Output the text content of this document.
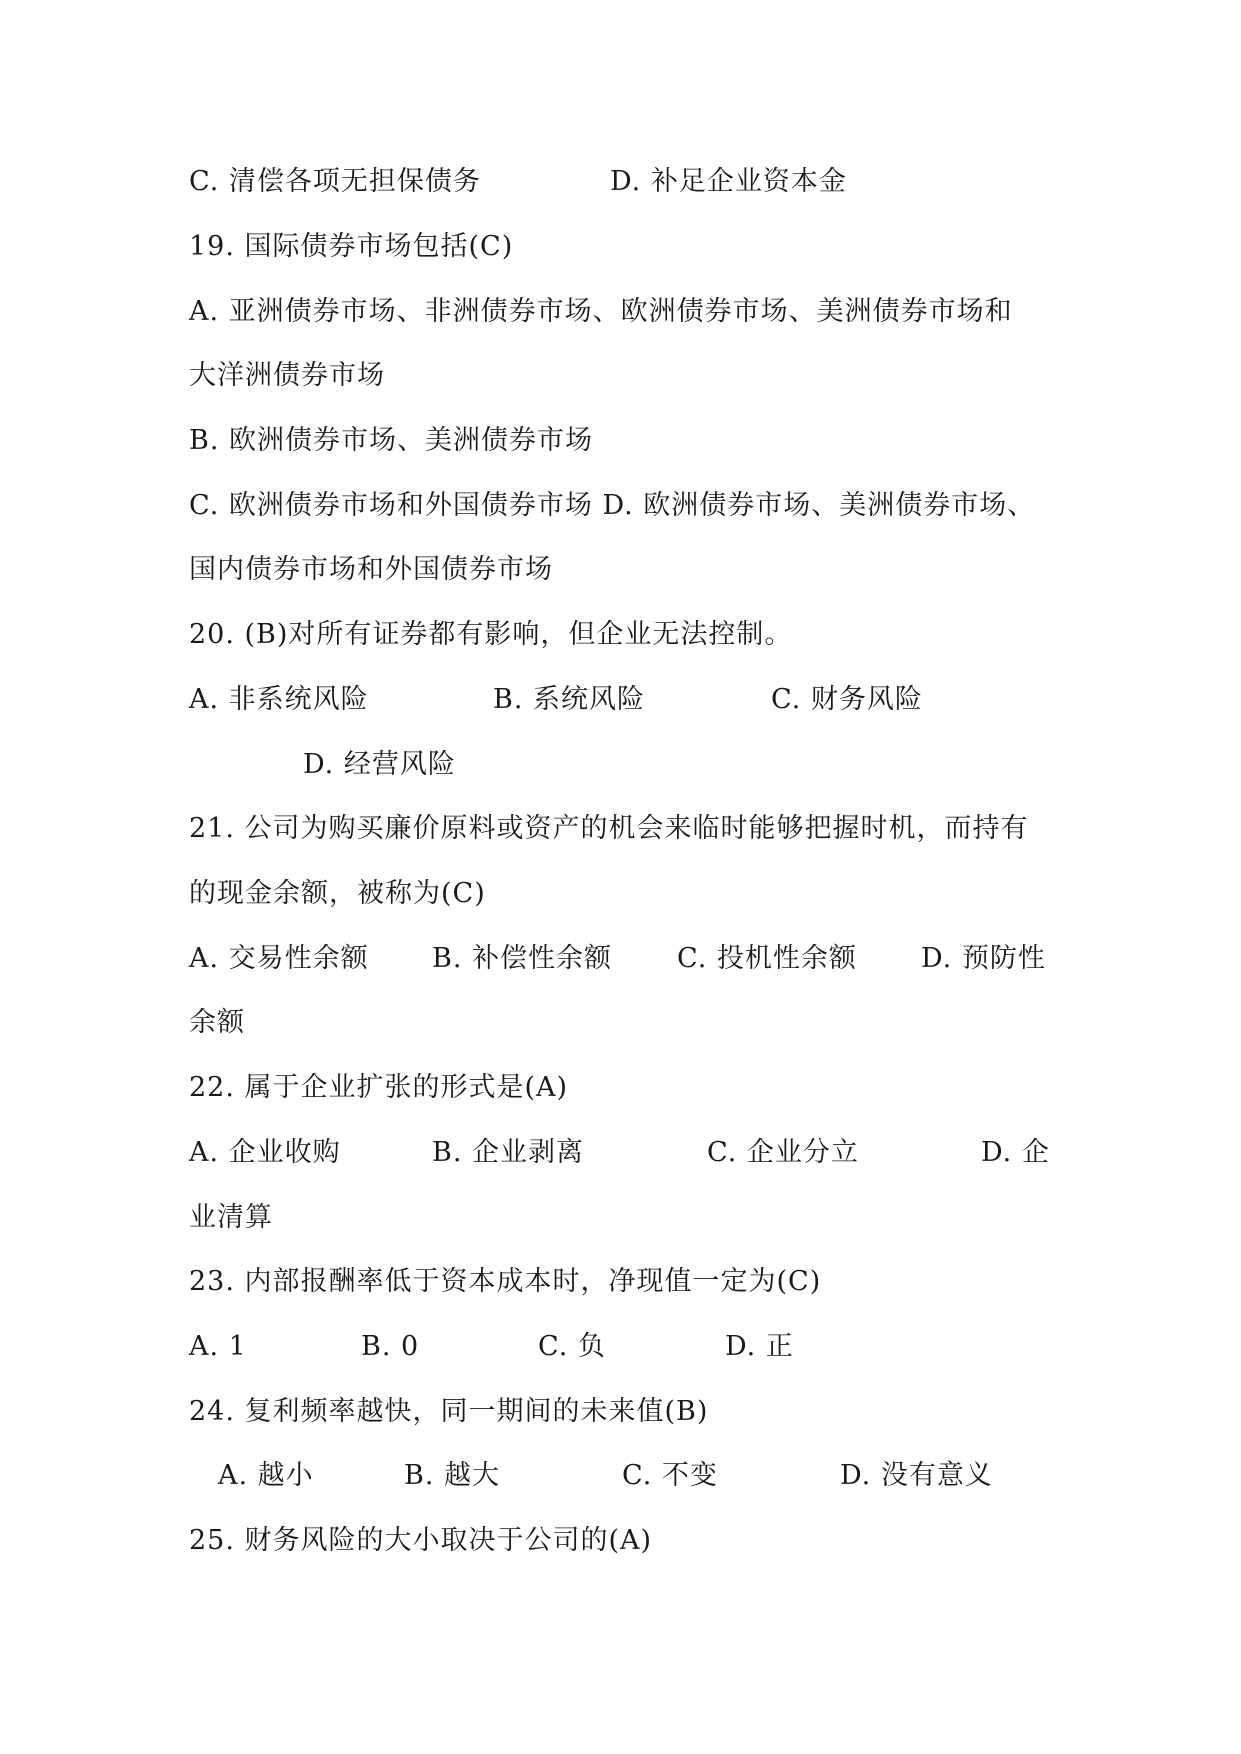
C. 清偿各项无担保债务

	D. 补足企业资本金

19. 国际债券市场包括(C)
A. 亚洲债券市场、非洲债券市场、欧洲债券市场、美洲债券市场和
大洋洲债券市场
B. 欧洲债券市场、美洲债券市场
C. 欧洲债券市场和外国债券市场 D. 欧洲债券市场、美洲债券市场、
国内债券市场和外国债券市场
20. (B)对所有证券都有影响，但企业无法控制。

A. 非系统风险

	B. 系统风险

	C. 财务风险

D. 经营风险

21. 公司为购买廉价原料或资产的机会来临时能够把握时机，而持有
的现金余额，被称为(C)

A. 交易性余额

B. 补偿性余额

C. 投机性余额

D. 预防性

余额
22. 属于企业扩张的形式是(A)

A. 企业收购

	B. 企业剥离

	C. 企业分立

	D. 企

业清算
23. 内部报酬率低于资本成本时，净现值一定为(C)

A. 1

	B. 0

	C. 负

	D. 正

24. 复利频率越快，同一期间的未来值(B)

A. 越小

	B. 越大

	C. 不变

	D. 没有意义

25. 财务风险的大小取决于公司的(A)
